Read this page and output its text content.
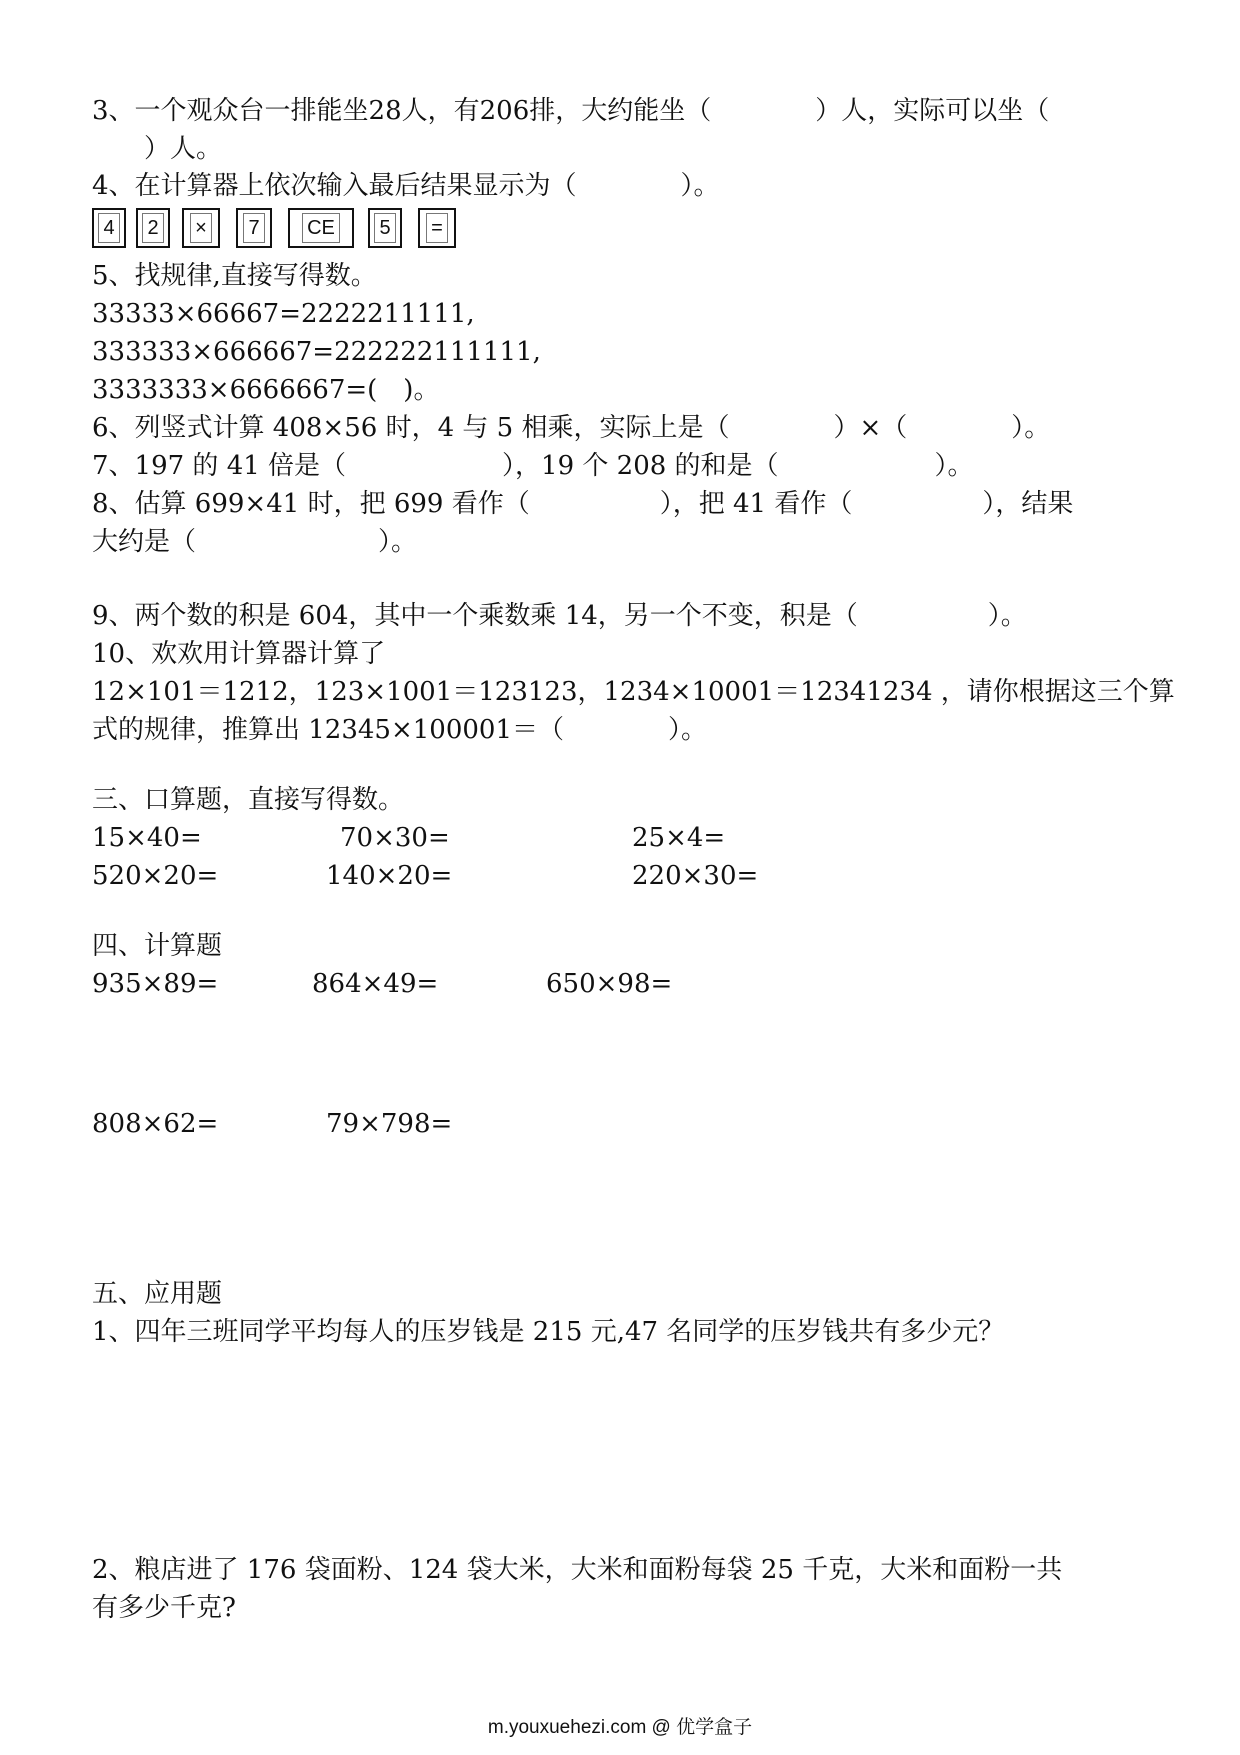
3、一个观众台一排能坐28人，有206排，大约能坐（　　　　）人，实际可以坐（
　　）人。
4、在计算器上依次输入最后结果显示为（　　　　）。
4 2 × 7 CE 5 =
5、找规律,直接写得数。
33333×66667=2222211111,
333333×666667=222222111111,
3333333×6666667=(　)。
6、列竖式计算 408×56 时，4 与 5 相乘，实际上是（　　　　）×（　　　　）。
7、197 的 41 倍是（　　　　　　），19 个 208 的和是（　　　　　　）。
8、估算 699×41 时，把 699 看作（　　　　　），把 41 看作（　　　　　），结果
大约是（　　　　　　　）。
9、两个数的积是 604，其中一个乘数乘 14，另一个不变，积是（　　　　　）。
10、欢欢用计算器计算了
12×101＝1212，123×1001＝123123，1234×10001＝12341234 ，请你根据这三个算
式的规律，推算出 12345×100001＝（　　　　）。
三、口算题，直接写得数。
15×40=	70×30=	25×4=
520×20=	140×20=	220×30=
四、计算题
935×89=	864×49=	650×98=
808×62=	79×798=
五、应用题
1、四年三班同学平均每人的压岁钱是 215 元,47 名同学的压岁钱共有多少元？
2、粮店进了 176 袋面粉、124 袋大米，大米和面粉每袋 25 千克，大米和面粉一共
有多少千克?
m.youxuehezi.com @ 优学盒子
